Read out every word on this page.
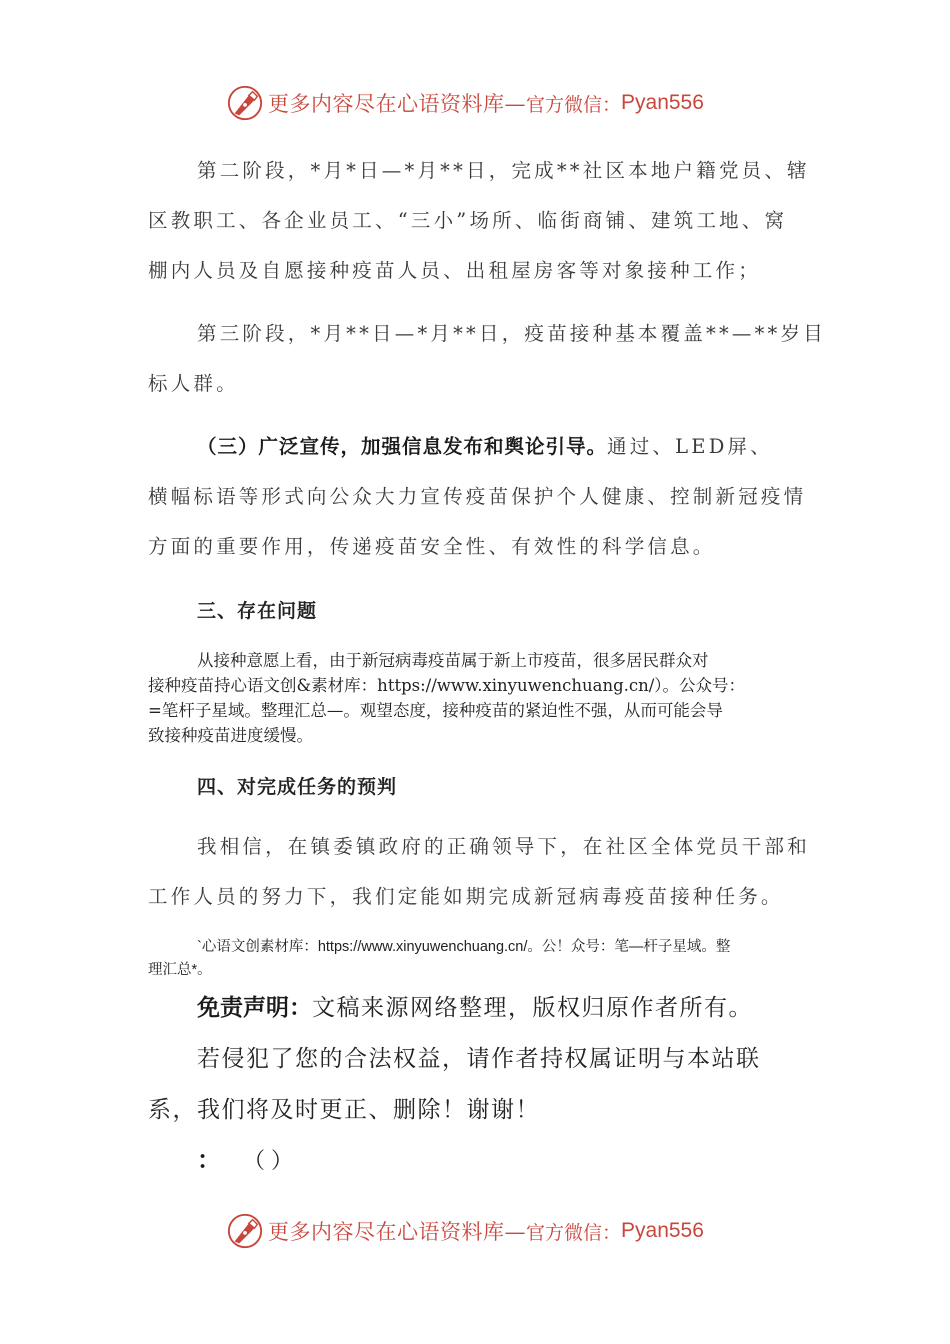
更多内容尽在心语资料库— 官方微信： Pyan556
第二阶段，*月*日—*月**日，完成**社区本地户籍党员、辖
区教职工、各企业员工、“三小”场所、临街商铺、建筑工地、窝
棚内人员及自愿接种疫苗人员、出租屋房客等对象接种工作；
第三阶段，*月**日—*月**日，疫苗接种基本覆盖**—**岁目
标人群。
（三）广泛宣传，加强信息发布和舆论引导。通过、LED屏、
横幅标语等形式向公众大力宣传疫苗保护个人健康、控制新冠疫情
方面的重要作用，传递疫苗安全性、有效性的科学信息。
三、存在问题
从接种意愿上看，由于新冠病毒疫苗属于新上市疫苗，很多居民群众对
接种疫苗持心语文创&素材库：https://www.xinyuwenchuang.cn/）。公众号：
=笔杆子星域。整理汇总—。观望态度，接种疫苗的紧迫性不强，从而可能会导
致接种疫苗进度缓慢。
四、对完成任务的预判
我相信，在镇委镇政府的正确领导下，在社区全体党员干部和
工作人员的努力下，我们定能如期完成新冠病毒疫苗接种任务。
`心语文创素材库：https://www.xinyuwenchuang.cn/。公！众号：笔—杆子星域。整
理汇总*。
免责声明：文稿来源网络整理，版权归原作者所有。
若侵犯了您的合法权益，请作者持权属证明与本站联
系，我们将及时更正、删除！谢谢！
： （）
更多内容尽在心语资料库— 官方微信： Pyan556
